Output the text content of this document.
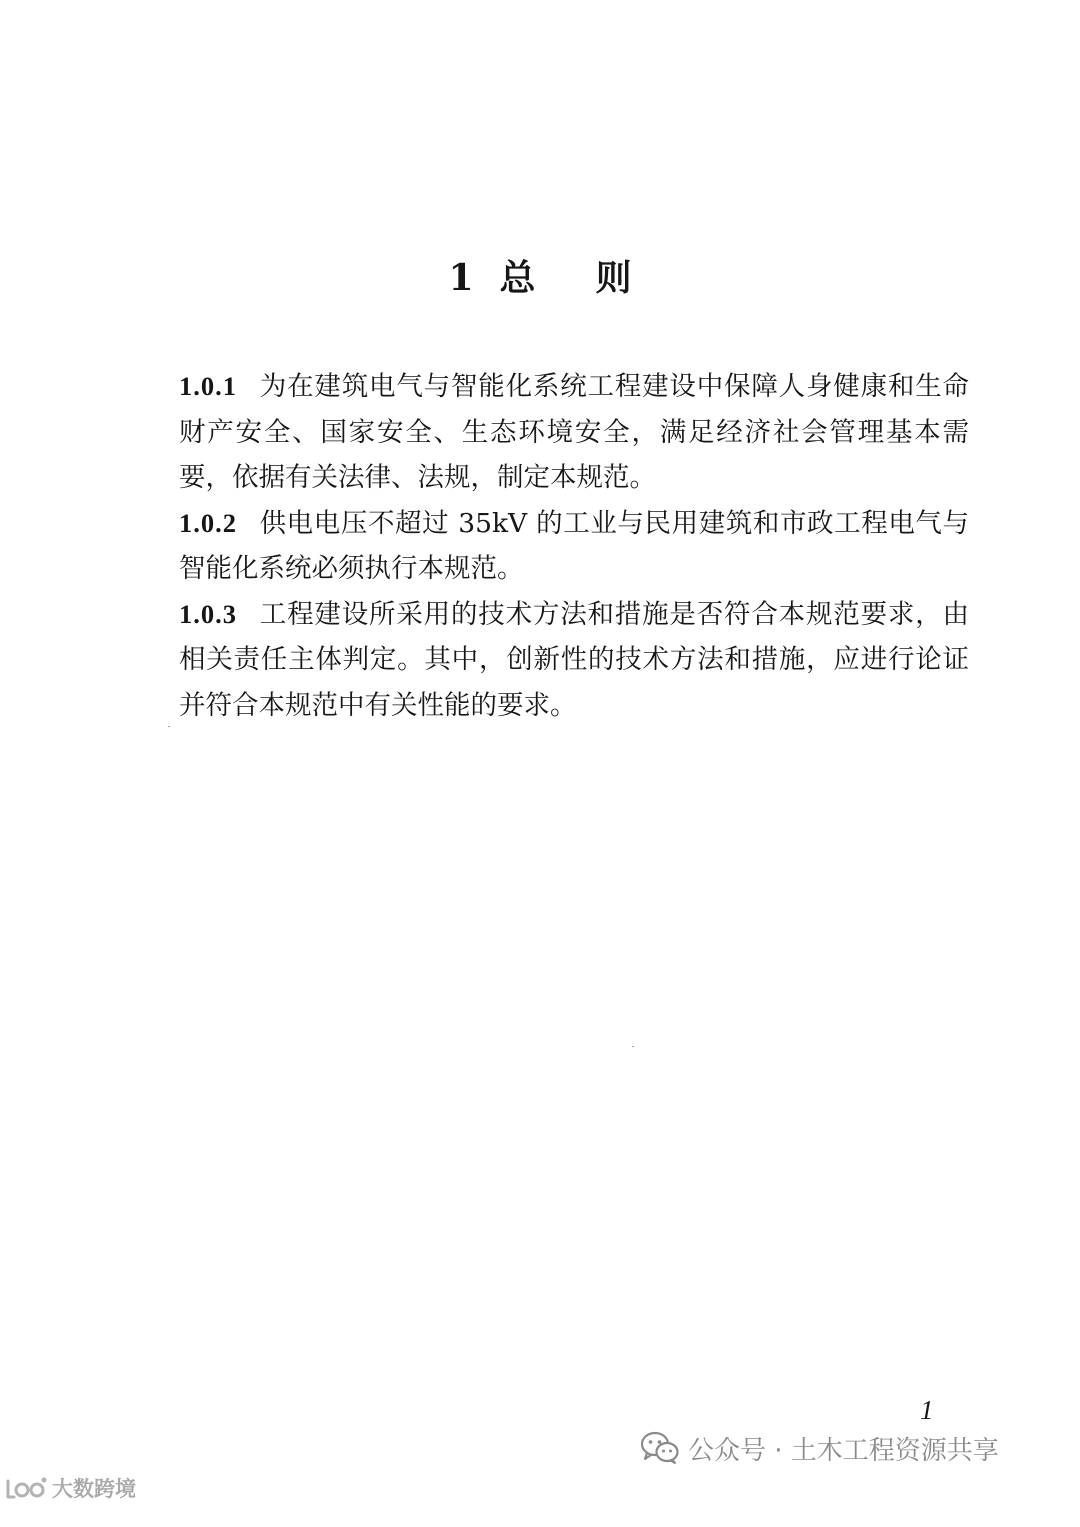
1 总 则

1.0.1 为在建筑电气与智能化系统工程建设中保障人身健康和生命财产安全、国家安全、生态环境安全，满足经济社会管理基本需要，依据有关法律、法规，制定本规范。

1.0.2 供电电压不超过 35kV 的工业与民用建筑和市政工程电气与智能化系统必须执行本规范。

1.0.3 工程建设所采用的技术方法和措施是否符合本规范要求，由相关责任主体判定。其中，创新性的技术方法和措施，应进行论证并符合本规范中有关性能的要求。

1
公众号 · 土木工程资源共享
大数跨境
